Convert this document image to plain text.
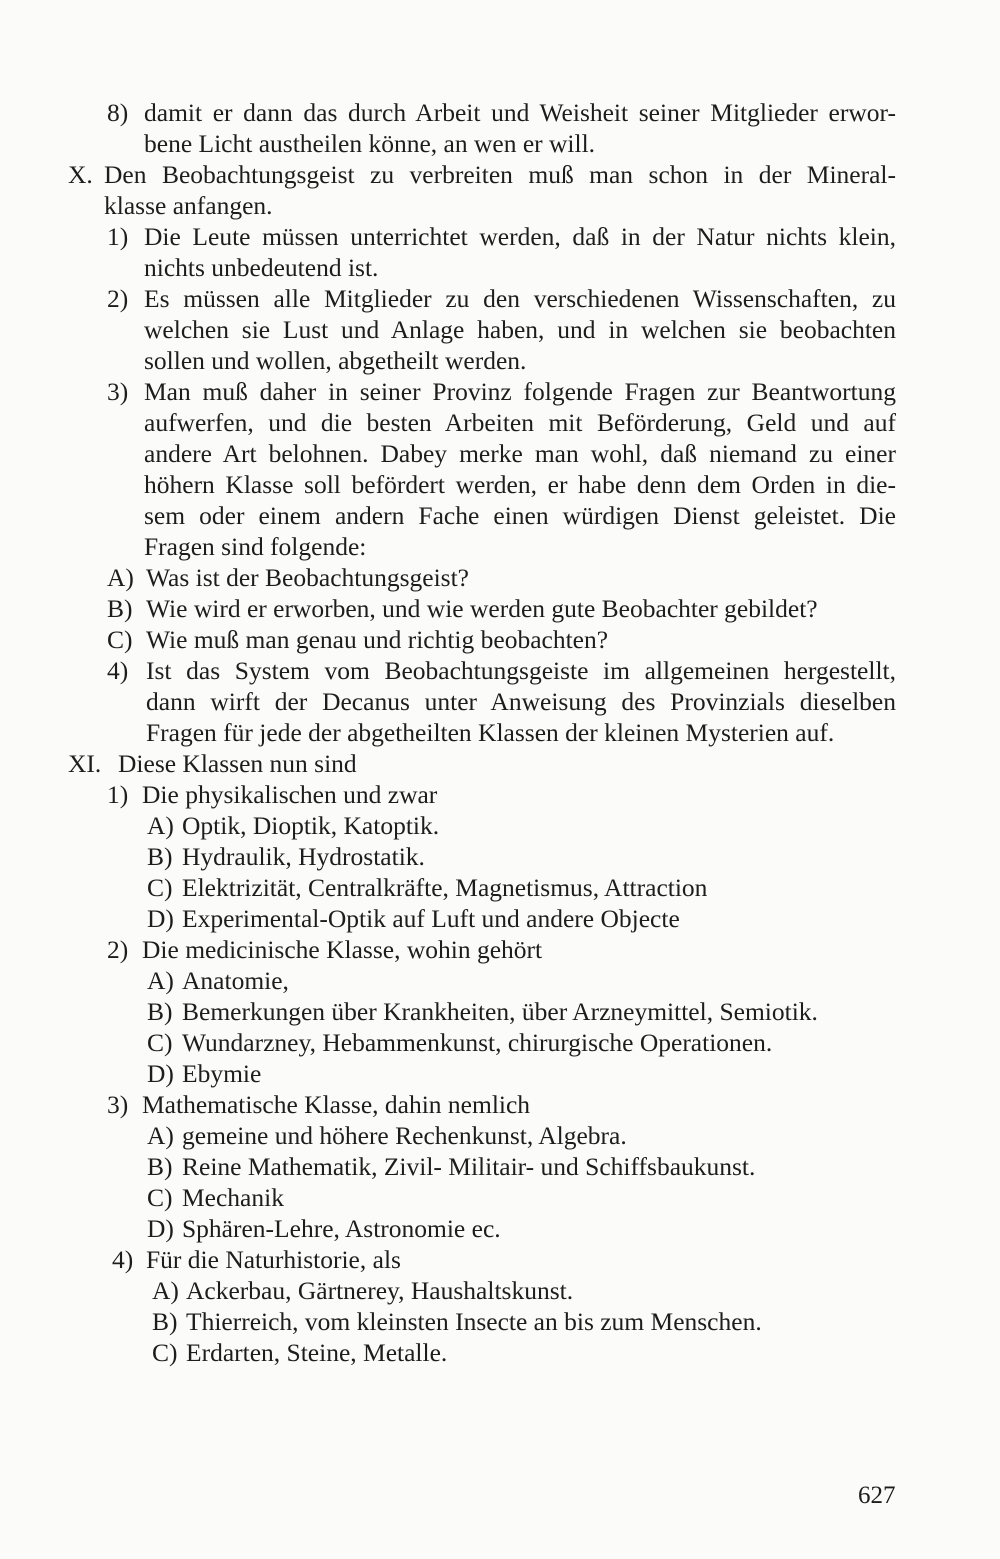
8) damit er dann das durch Arbeit und Weisheit seiner Mitglieder erwor-
bene Licht austheilen könne, an wen er will.
X. Den Beobachtungsgeist zu verbreiten muß man schon in der Mineral-
klasse anfangen.
1) Die Leute müssen unterrichtet werden, daß in der Natur nichts klein,
nichts unbedeutend ist.
2) Es müssen alle Mitglieder zu den verschiedenen Wissenschaften, zu
welchen sie Lust und Anlage haben, und in welchen sie beobachten
sollen und wollen, abgetheilt werden.
3) Man muß daher in seiner Provinz folgende Fragen zur Beantwortung
aufwerfen, und die besten Arbeiten mit Beförderung, Geld und auf
andere Art belohnen. Dabey merke man wohl, daß niemand zu einer
höhern Klasse soll befördert werden, er habe denn dem Orden in die-
sem oder einem andern Fache einen würdigen Dienst geleistet. Die
Fragen sind folgende:
A) Was ist der Beobachtungsgeist?
B) Wie wird er erworben, und wie werden gute Beobachter gebildet?
C) Wie muß man genau und richtig beobachten?
4) Ist das System vom Beobachtungsgeiste im allgemeinen hergestellt,
dann wirft der Decanus unter Anweisung des Provinzials dieselben
Fragen für jede der abgetheilten Klassen der kleinen Mysterien auf.
XI. Diese Klassen nun sind
1) Die physikalischen und zwar
A) Optik, Dioptik, Katoptik.
B) Hydraulik, Hydrostatik.
C) Elektrizität, Centralkräfte, Magnetismus, Attraction
D) Experimental-Optik auf Luft und andere Objecte
2) Die medicinische Klasse, wohin gehört
A) Anatomie,
B) Bemerkungen über Krankheiten, über Arzneymittel, Semiotik.
C) Wundarzney, Hebammenkunst, chirurgische Operationen.
D) Ebymie
3) Mathematische Klasse, dahin nemlich
A) gemeine und höhere Rechenkunst, Algebra.
B) Reine Mathematik, Zivil- Militair- und Schiffsbaukunst.
C) Mechanik
D) Sphären-Lehre, Astronomie ec.
4) Für die Naturhistorie, als
A) Ackerbau, Gärtnerey, Haushaltskunst.
B) Thierreich, vom kleinsten Insecte an bis zum Menschen.
C) Erdarten, Steine, Metalle.
627
